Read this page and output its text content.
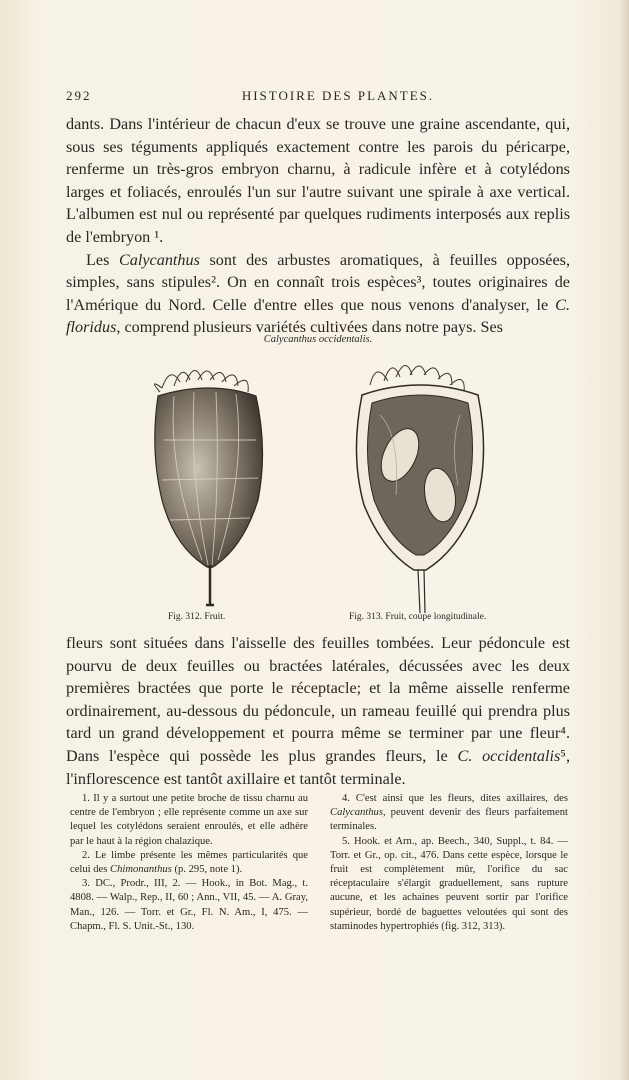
292	HISTOIRE DES PLANTES.

dants. Dans l'intérieur de chacun d'eux se trouve une graine ascendante, qui, sous ses téguments appliqués exactement contre les parois du péricarpe, renferme un très-gros embryon charnu, à radicule infère et à cotylédons larges et foliacés, enroulés l'un sur l'autre suivant une spirale à axe vertical. L'albumen est nul ou représenté par quelques rudiments interposés aux replis de l'embryon ¹.

Les Calycanthus sont des arbustes aromatiques, à feuilles opposées, simples, sans stipules². On en connaît trois espèces³, toutes originaires de l'Amérique du Nord. Celle d'entre elles que nous venons d'analyser, le C. floridus, comprend plusieurs variétés cultivées dans notre pays. Ses

Calycanthus occidentalis.
Fig. 312. Fruit.	Fig. 313. Fruit, coupe longitudinale.

fleurs sont situées dans l'aisselle des feuilles tombées. Leur pédoncule est pourvu de deux feuilles ou bractées latérales, décussées avec les deux premières bractées que porte le réceptacle; et la même aisselle renferme ordinairement, au-dessous du pédoncule, un rameau feuillé qui prendra plus tard un grand développement et pourra même se terminer par une fleur⁴. Dans l'espèce qui possède les plus grandes fleurs, le C. occidentalis⁵, l'inflorescence est tantôt axillaire et tantôt terminale.

1. Il y a surtout une petite broche de tissu charnu au centre de l'embryon ; elle représente comme un axe sur lequel les cotylédons seraient enroulés, et elle adhère par le haut à la région chalazique.

2. Le limbe présente les mêmes particularités que celui des Chimonanthus (p. 295, note 1).

3. DC., Prodr., III, 2. — Hook., in Bot. Mag., t. 4808. — Walp., Rep., II, 60 ; Ann., VII, 45. — A. Gray, Man., 126. — Torr. et Gr., Fl. N. Am., I, 475. — Chapm., Fl. S. Unit.-St., 130.

4. C'est ainsi que les fleurs, dites axillaires, des Calycanthus, peuvent devenir des fleurs parfaitement terminales.

5. Hook. et Arn., ap. Beech., 340, Suppl., t. 84. — Torr. et Gr., op. cit., 476. Dans cette espèce, lorsque le fruit est complètement mûr, l'orifice du sac réceptaculaire s'élargit graduellement, sans rupture aucune, et les achaines peuvent sortir par l'orifice supérieur, bordé de baguettes veloutées qui sont des staminodes hypertrophiés (fig. 312, 313).
